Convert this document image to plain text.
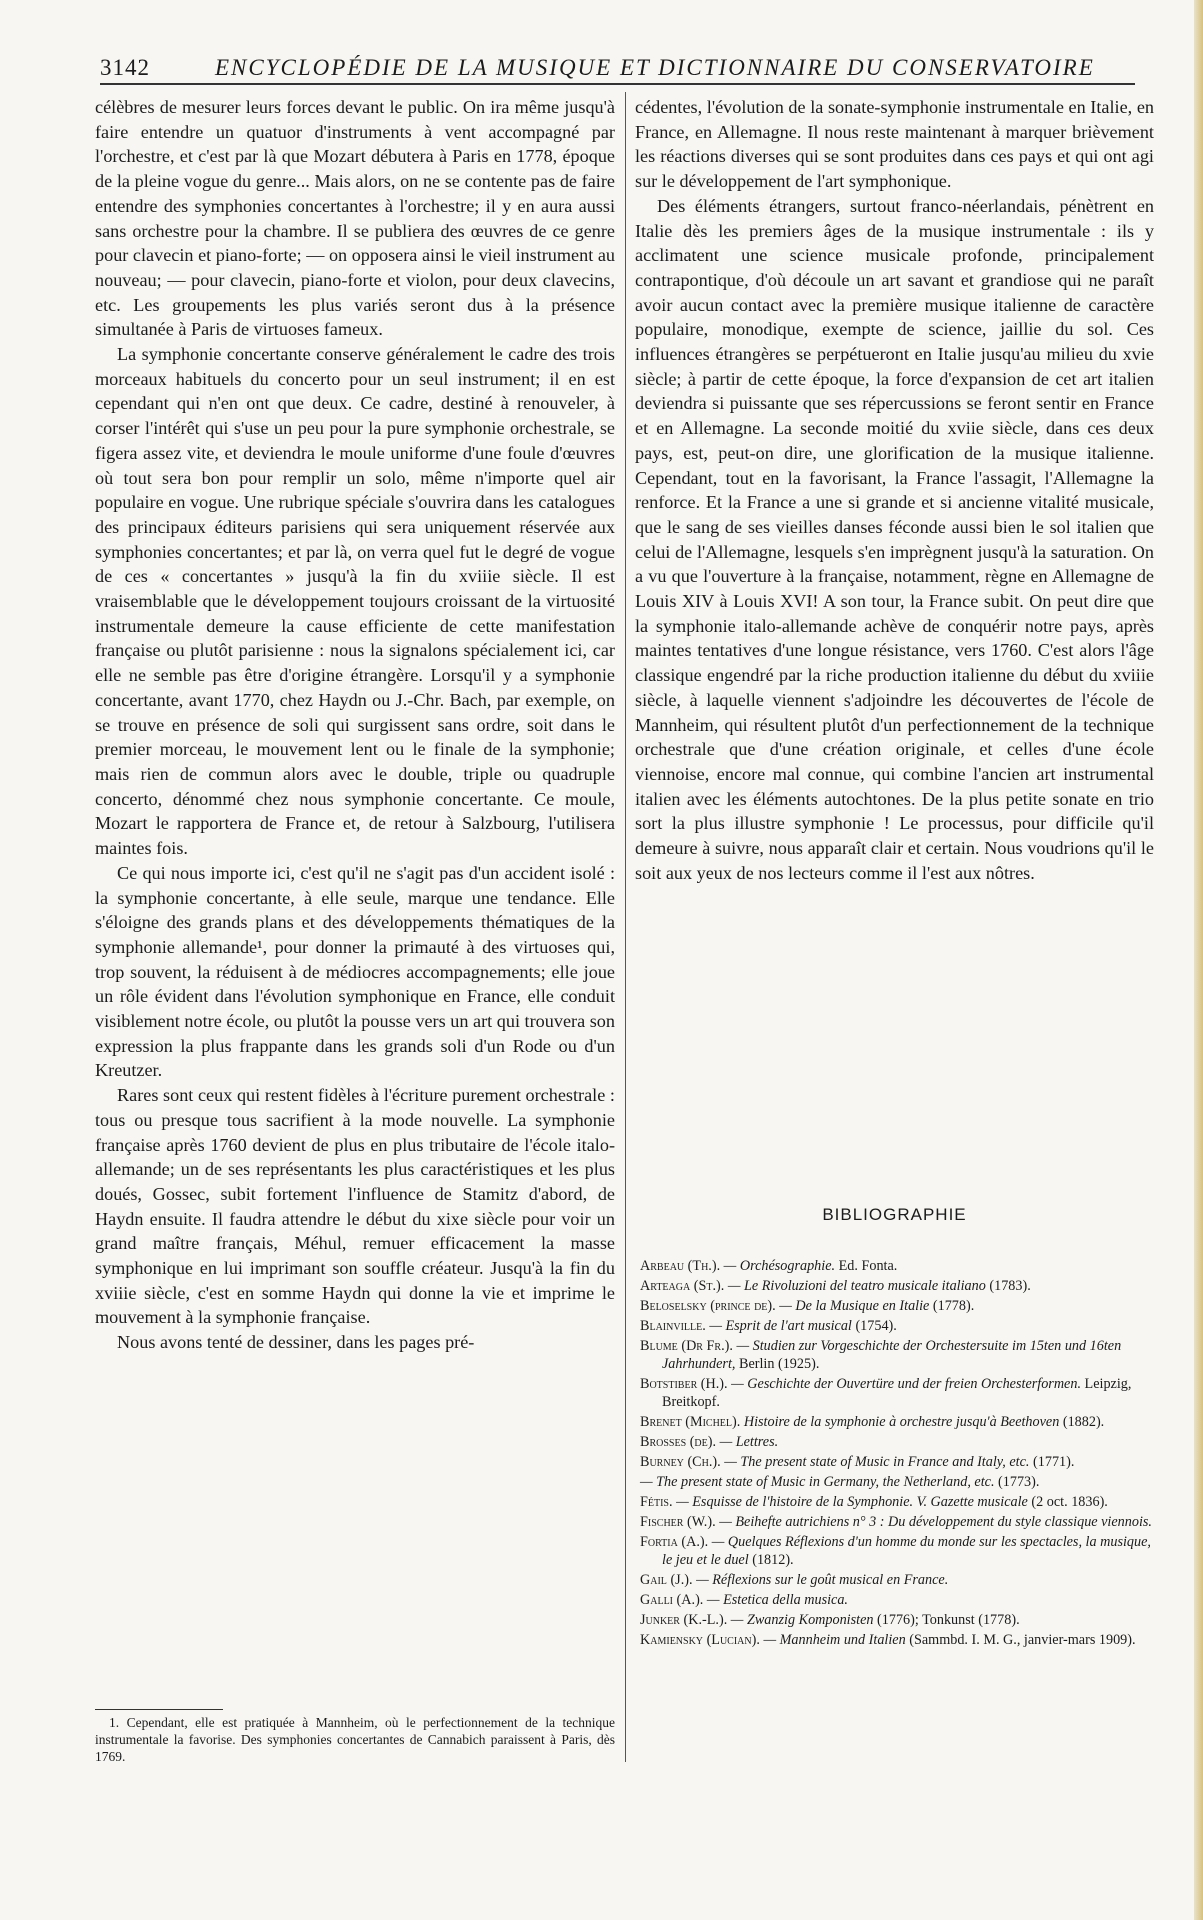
3142	ENCYCLOPÉDIE DE LA MUSIQUE ET DICTIONNAIRE DU CONSERVATOIRE

célèbres de mesurer leurs forces devant le public. On ira même jusqu'à faire entendre un quatuor d'instruments à vent accompagné par l'orchestre, et c'est par là que Mozart débutera à Paris en 1778, époque de la pleine vogue du genre... Mais alors, on ne se contente pas de faire entendre des symphonies concertantes à l'orchestre; il y en aura aussi sans orchestre pour la chambre. Il se publiera des œuvres de ce genre pour clavecin et piano-forte; — on opposera ainsi le vieil instrument au nouveau; — pour clavecin, piano-forte et violon, pour deux clavecins, etc. Les groupements les plus variés seront dus à la présence simultanée à Paris de virtuoses fameux.

La symphonie concertante conserve généralement le cadre des trois morceaux habituels du concerto pour un seul instrument; il en est cependant qui n'en ont que deux. Ce cadre, destiné à renouveler, à corser l'intérêt qui s'use un peu pour la pure symphonie orchestrale, se figera assez vite, et deviendra le moule uniforme d'une foule d'œuvres où tout sera bon pour remplir un solo, même n'importe quel air populaire en vogue. Une rubrique spéciale s'ouvrira dans les catalogues des principaux éditeurs parisiens qui sera uniquement réservée aux symphonies concertantes; et par là, on verra quel fut le degré de vogue de ces « concertantes » jusqu'à la fin du xviiie siècle. Il est vraisemblable que le développement toujours croissant de la virtuosité instrumentale demeure la cause efficiente de cette manifestation française ou plutôt parisienne : nous la signalons spécialement ici, car elle ne semble pas être d'origine étrangère. Lorsqu'il y a symphonie concertante, avant 1770, chez Haydn ou J.-Chr. Bach, par exemple, on se trouve en présence de soli qui surgissent sans ordre, soit dans le premier morceau, le mouvement lent ou le finale de la symphonie; mais rien de commun alors avec le double, triple ou quadruple concerto, dénommé chez nous symphonie concertante. Ce moule, Mozart le rapportera de France et, de retour à Salzbourg, l'utilisera maintes fois.

Ce qui nous importe ici, c'est qu'il ne s'agit pas d'un accident isolé : la symphonie concertante, à elle seule, marque une tendance. Elle s'éloigne des grands plans et des développements thématiques de la symphonie allemande¹, pour donner la primauté à des virtuoses qui, trop souvent, la réduisent à de médiocres accompagnements; elle joue un rôle évident dans l'évolution symphonique en France, elle conduit visiblement notre école, ou plutôt la pousse vers un art qui trouvera son expression la plus frappante dans les grands soli d'un Rode ou d'un Kreutzer.

Rares sont ceux qui restent fidèles à l'écriture purement orchestrale : tous ou presque tous sacrifient à la mode nouvelle. La symphonie française après 1760 devient de plus en plus tributaire de l'école italo-allemande; un de ses représentants les plus caractéristiques et les plus doués, Gossec, subit fortement l'influence de Stamitz d'abord, de Haydn ensuite. Il faudra attendre le début du xixe siècle pour voir un grand maître français, Méhul, remuer efficacement la masse symphonique en lui imprimant son souffle créateur. Jusqu'à la fin du xviiie siècle, c'est en somme Haydn qui donne la vie et imprime le mouvement à la symphonie française.

Nous avons tenté de dessiner, dans les pages pré-

cédentes, l'évolution de la sonate-symphonie instrumentale en Italie, en France, en Allemagne. Il nous reste maintenant à marquer brièvement les réactions diverses qui se sont produites dans ces pays et qui ont agi sur le développement de l'art symphonique.

Des éléments étrangers, surtout franco-néerlandais, pénètrent en Italie dès les premiers âges de la musique instrumentale : ils y acclimatent une science musicale profonde, principalement contrapontique, d'où découle un art savant et grandiose qui ne paraît avoir aucun contact avec la première musique italienne de caractère populaire, monodique, exempte de science, jaillie du sol. Ces influences étrangères se perpétueront en Italie jusqu'au milieu du xvie siècle; à partir de cette époque, la force d'expansion de cet art italien deviendra si puissante que ses répercussions se feront sentir en France et en Allemagne. La seconde moitié du xviie siècle, dans ces deux pays, est, peut-on dire, une glorification de la musique italienne. Cependant, tout en la favorisant, la France l'assagit, l'Allemagne la renforce. Et la France a une si grande et si ancienne vitalité musicale, que le sang de ses vieilles danses féconde aussi bien le sol italien que celui de l'Allemagne, lesquels s'en imprègnent jusqu'à la saturation. On a vu que l'ouverture à la française, notamment, règne en Allemagne de Louis XIV à Louis XVI! A son tour, la France subit. On peut dire que la symphonie italo-allemande achève de conquérir notre pays, après maintes tentatives d'une longue résistance, vers 1760. C'est alors l'âge classique engendré par la riche production italienne du début du xviiie siècle, à laquelle viennent s'adjoindre les découvertes de l'école de Mannheim, qui résultent plutôt d'un perfectionnement de la technique orchestrale que d'une création originale, et celles d'une école viennoise, encore mal connue, qui combine l'ancien art instrumental italien avec les éléments autochtones. De la plus petite sonate en trio sort la plus illustre symphonie ! Le processus, pour difficile qu'il demeure à suivre, nous apparaît clair et certain. Nous voudrions qu'il le soit aux yeux de nos lecteurs comme il l'est aux nôtres.

1. Cependant, elle est pratiquée à Mannheim, où le perfectionnement de la technique instrumentale la favorise. Des symphonies concertantes de Cannabich paraissent à Paris, dès 1769.

BIBLIOGRAPHIE

Arbeau (Th.). — Orchésographie. Ed. Fonta.

Arteaga (St.). — Le Rivoluzioni del teatro musicale italiano (1783).

Beloselsky (prince de). — De la Musique en Italie (1778).

Blainville. — Esprit de l'art musical (1754).

Blume (Dr Fr.). — Studien zur Vorgeschichte der Orchestersuite im 15ten und 16ten Jahrhundert, Berlin (1925).

Botstiber (H.). — Geschichte der Ouvertüre und der freien Orchesterformen. Leipzig, Breitkopf.

Brenet (Michel). Histoire de la symphonie à orchestre jusqu'à Beethoven (1882).

Brosses (de). — Lettres.

Burney (Ch.). — The present state of Music in France and Italy, etc. (1771).

— The present state of Music in Germany, the Netherland, etc. (1773).

Fétis. — Esquisse de l'histoire de la Symphonie. V. Gazette musicale (2 oct. 1836).

Fischer (W.). — Beihefte autrichiens n° 3 : Du développement du style classique viennois.

Fortia (A.). — Quelques Réflexions d'un homme du monde sur les spectacles, la musique, le jeu et le duel (1812).

Gail (J.). — Réflexions sur le goût musical en France.

Galli (A.). — Estetica della musica.

Junker (K.-L.). — Zwanzig Komponisten (1776); Tonkunst (1778).

Kamiensky (Lucian). — Mannheim und Italien (Sammbd. I. M. G., janvier-mars 1909).
